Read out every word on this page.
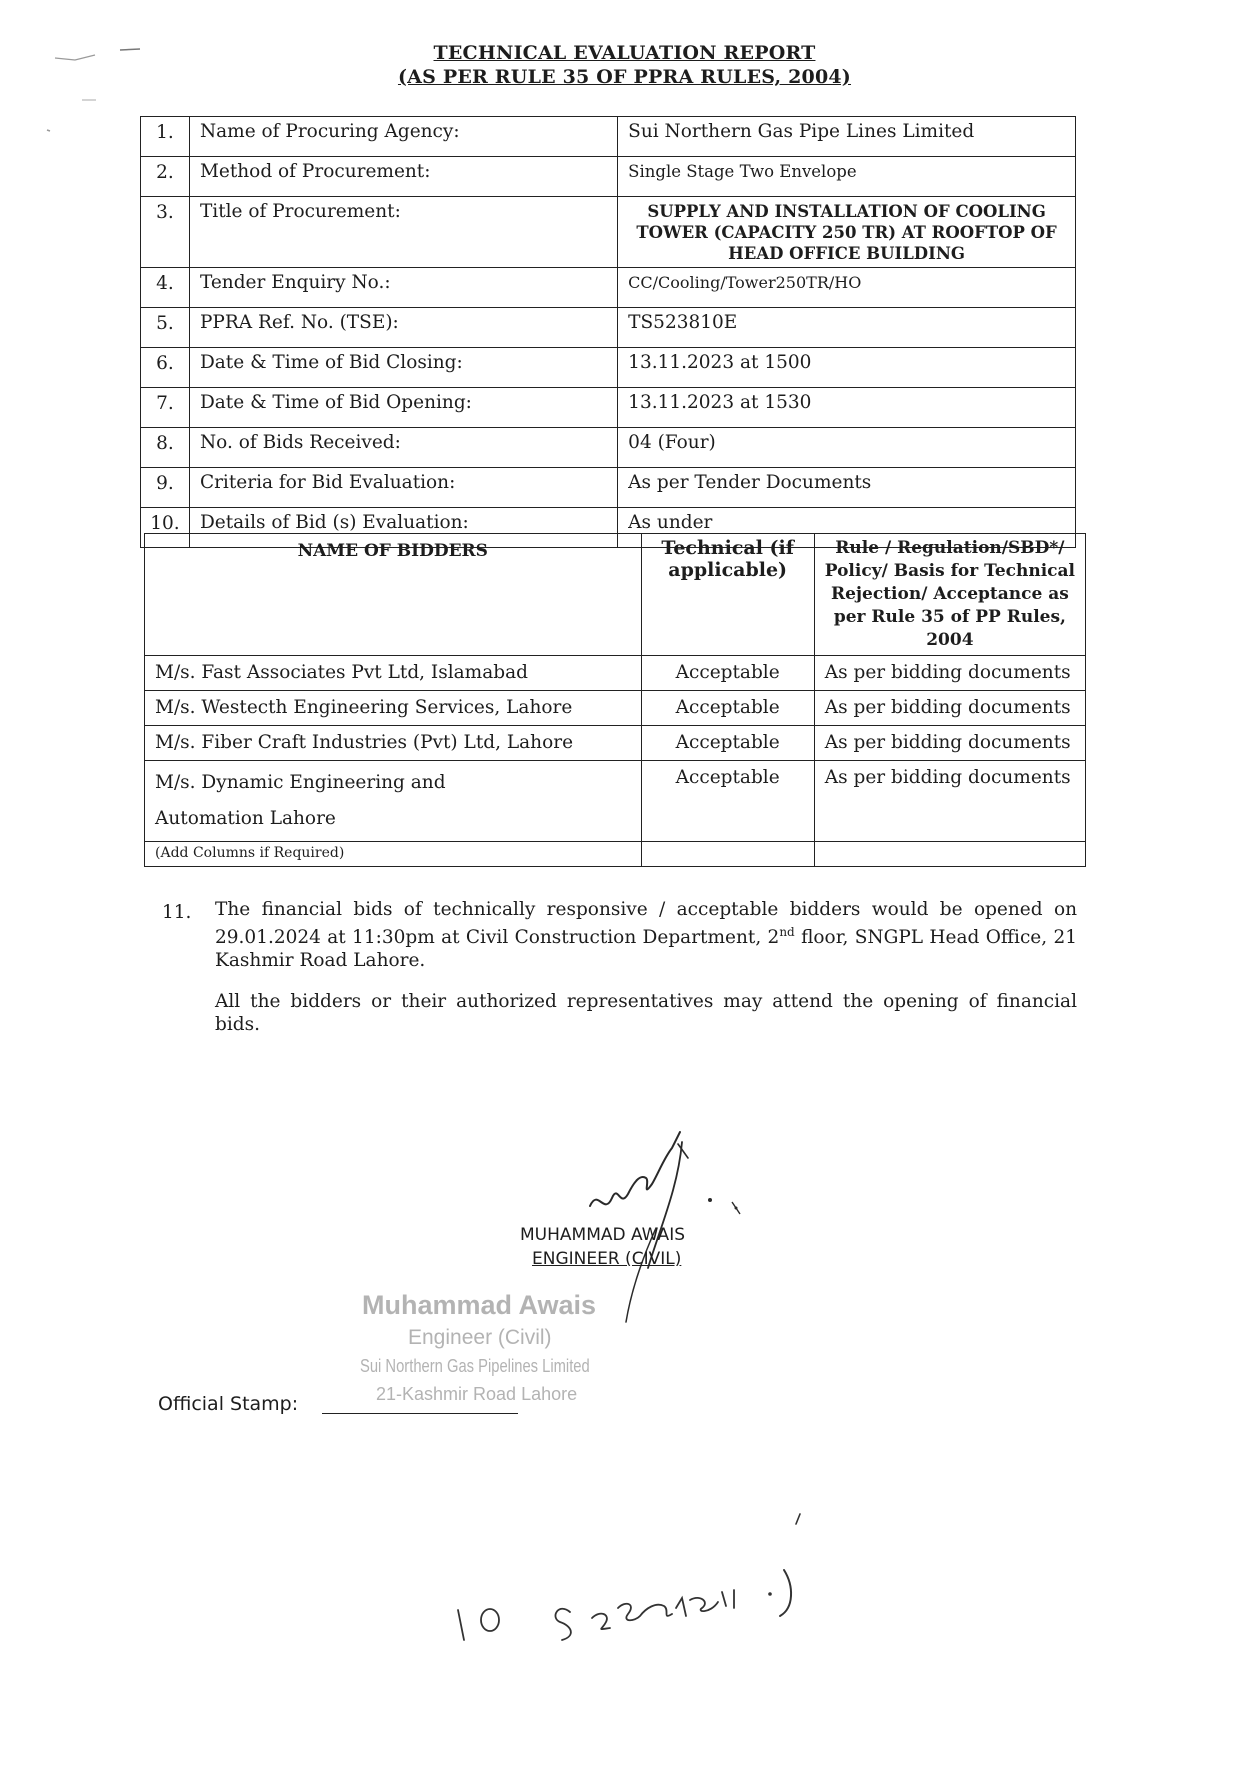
TECHNICAL EVALUATION REPORT
(AS PER RULE 35 OF PPRA RULES, 2004)
1.	Name of Procuring Agency:	Sui Northern Gas Pipe Lines Limited
2.	Method of Procurement:	Single Stage Two Envelope
3.	Title of Procurement:	SUPPLY AND INSTALLATION OF COOLING TOWER (CAPACITY 250 TR) AT ROOFTOP OF HEAD OFFICE BUILDING

4.	Tender Enquiry No.:	CC/Cooling/Tower250TR/HO
5.	PPRA Ref. No. (TSE):	TS523810E
6.	Date & Time of Bid Closing:	13.11.2023 at 1500
7.	Date & Time of Bid Opening:	13.11.2023 at 1530
8.	No. of Bids Received:	04 (Four)
9.	Criteria for Bid Evaluation:	As per Tender Documents
10.	Details of Bid (s) Evaluation:	As under
NAME OF BIDDERS	Technical (if applicable)	Rule / Regulation/SBD*/ Policy/ Basis for Technical Rejection/ Acceptance as per Rule 35 of PP Rules, 2004
M/s. Fast Associates Pvt Ltd, Islamabad	Acceptable	As per bidding documents
M/s. Westecth Engineering Services, Lahore	Acceptable	As per bidding documents
M/s. Fiber Craft Industries (Pvt) Ltd, Lahore	Acceptable	As per bidding documents
M/s. Dynamic Engineering and Automation Lahore	Acceptable	As per bidding documents
(Add Columns if Required)		
11. The financial bids of technically responsive / acceptable bidders would be opened on 29.01.2024 at 11:30pm at Civil Construction Department, 2nd floor, SNGPL Head Office, 21 Kashmir Road Lahore.
All the bidders or their authorized representatives may attend the opening of financial bids.
MUHAMMAD AWAIS
ENGINEER (CIVIL)
Muhammad Awais
Engineer (Civil)
Sui Northern Gas Pipelines Limited
21-Kashmir Road Lahore
Official Stamp:
